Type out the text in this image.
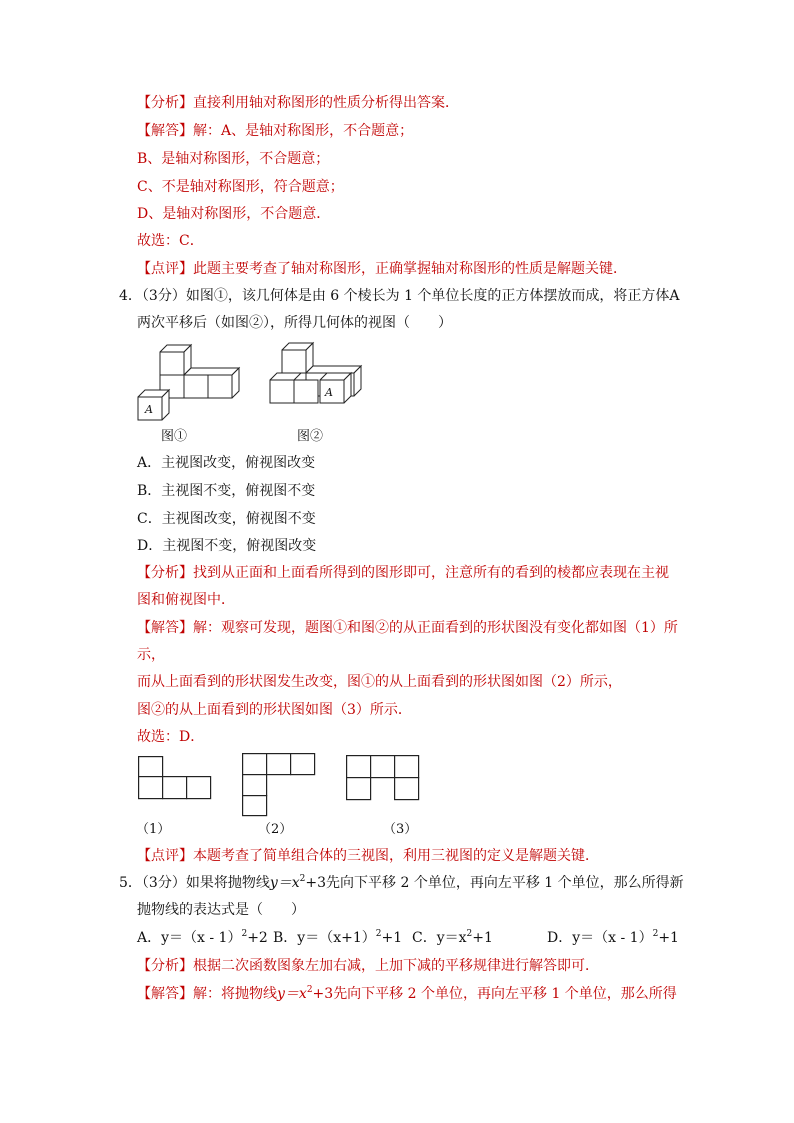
【分析】直接利用轴对称图形的性质分析得出答案．
【解答】解：A、是轴对称图形，不合题意；
B、是轴对称图形，不合题意；
C、不是轴对称图形，符合题意；
D、是轴对称图形，不合题意．
故选：C．
【点评】此题主要考查了轴对称图形，正确掌握轴对称图形的性质是解题关键．
4．（3分）如图①，该几何体是由 6 个棱长为 1 个单位长度的正方体摆放而成，将正方体A
两次平移后（如图②），所得几何体的视图（　　）
A
图①
A
图②
A．主视图改变，俯视图改变
B．主视图不变，俯视图不变
C．主视图改变，俯视图不变
D．主视图不变，俯视图改变
【分析】找到从正面和上面看所得到的图形即可，注意所有的看到的棱都应表现在主视
图和俯视图中．
【解答】解：观察可发现，题图①和图②的从正面看到的形状图没有变化都如图（1）所
示，
而从上面看到的形状图发生改变，图①的从上面看到的形状图如图（2）所示，
图②的从上面看到的形状图如图（3）所示．
故选：D．
（1）	（2）	（3）
【点评】本题考查了简单组合体的三视图，利用三视图的定义是解题关键．
5．（3分）如果将抛物线$y=x^2+3$先向下平移 2 个单位，再向左平移 1 个单位，那么所得新
抛物线的表达式是（　　）
A．y＝（x - 1）$^2$+2 B．$y=(x+1)^2+1$ C．$y=x^2+1$	D．y＝（x - 1）$^2$+1
【分析】根据二次函数图象左加右减，上加下减的平移规律进行解答即可．
【解答】解：将抛物线$y=x^2+3$先向下平移 2 个单位，再向左平移 1 个单位，那么所得
